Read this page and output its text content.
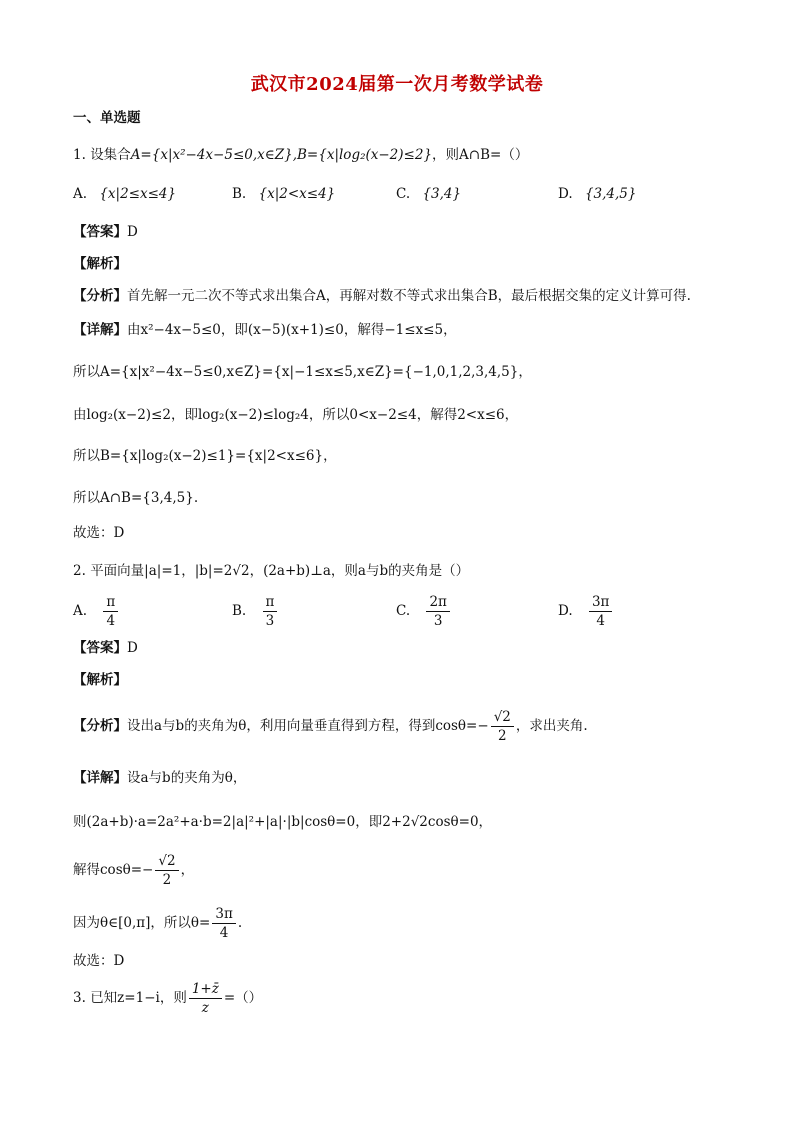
武汉市2024届第一次月考数学试卷
一、单选题
1. 设集合A={x|x²−4x−5≤0,x∈Z},B={x|log₂(x−2)≤2}，则A∩B=（）
A. {x|2≤x≤4}	B. {x|2<x≤4}	C. {3,4}	D. {3,4,5}
【答案】D
【解析】
【分析】首先解一元二次不等式求出集合A，再解对数不等式求出集合B，最后根据交集的定义计算可得.
【详解】由x²−4x−5≤0，即(x−5)(x+1)≤0，解得−1≤x≤5，
所以A={x|x²−4x−5≤0,x∈Z}={x|−1≤x≤5,x∈Z}={−1,0,1,2,3,4,5}，
由log₂(x−2)≤2，即log₂(x−2)≤log₂4，所以0<x−2≤4，解得2<x≤6，
所以B={x|log₂(x−2)≤1}={x|2<x≤6}，
所以A∩B={3,4,5}.
故选：D
2. 平面向量|a|=1，|b|=2√2，(2a+b)⊥a，则a与b的夹角是（）
A. $\frac{\pi}{4}$	B. $\frac{\pi}{3}$	C. $\frac{2\pi}{3}$	D. $\frac{3\pi}{4}$
【答案】D
【解析】
【分析】设出a与b的夹角为θ，利用向量垂直得到方程，得到$\cos\theta=- \frac{√2}{2}$ ，求出夹角.
【详解】设a与b的夹角为θ，
则(2a+b)·a=2a²+a·b=2|a|²+|a|·|b|cosθ=0，即2+2√2cosθ=0，
解得$\cos\theta=- \frac{√2}{2}$ ，
因为θ∈[0,π]，所以$\theta= \frac{3\pi}{4}$ .
故选：D
3. 已知z=1−i，则 $\frac{1+z̄}{z}$ =（）
